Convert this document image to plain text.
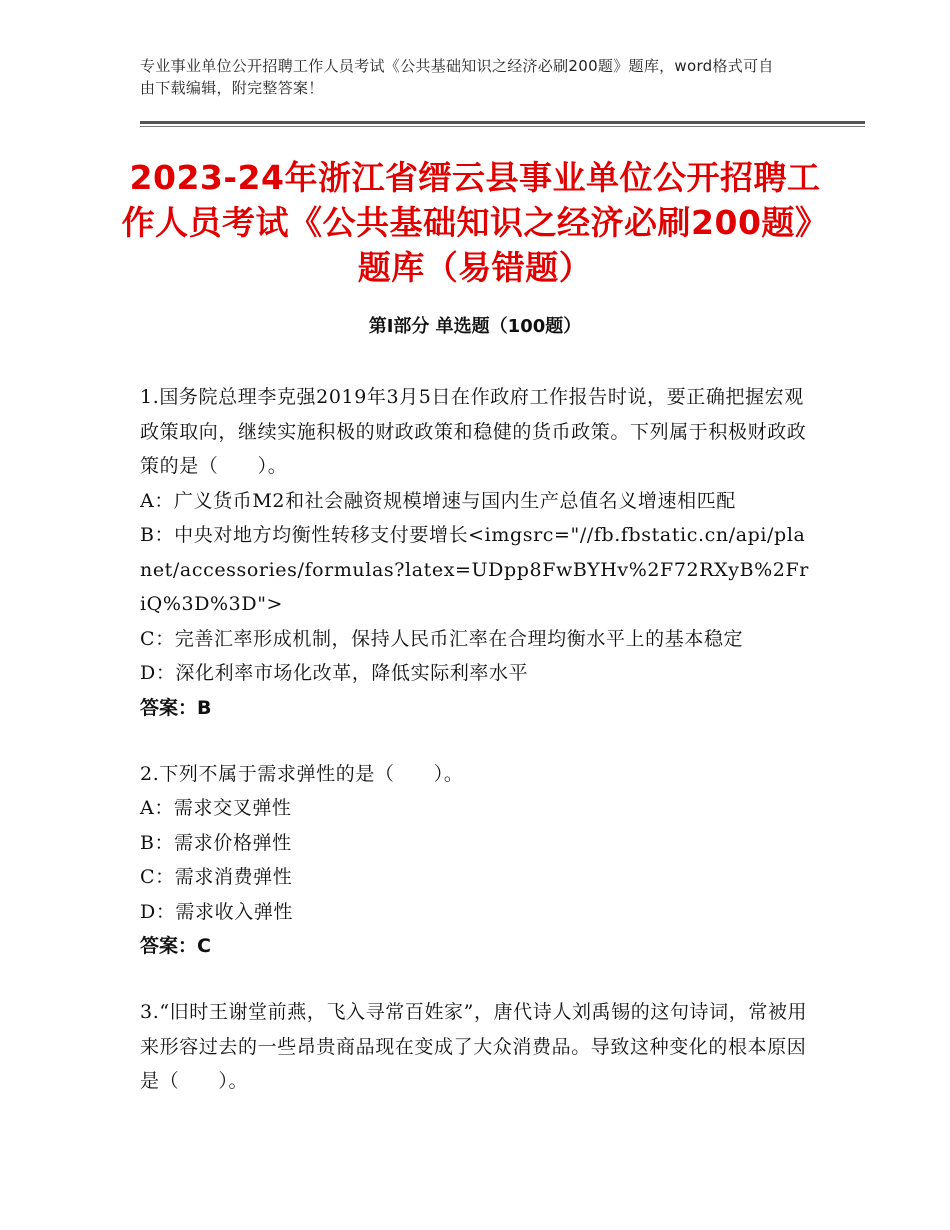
专业事业单位公开招聘工作人员考试《公共基础知识之经济必刷200题》题库，word格式可自由下载编辑，附完整答案！
2023-24年浙江省缙云县事业单位公开招聘工作人员考试《公共基础知识之经济必刷200题》题库（易错题）
第Ⅰ部分 单选题（100题）
1.国务院总理李克强2019年3月5日在作政府工作报告时说，要正确把握宏观政策取向，继续实施积极的财政政策和稳健的货币政策。下列属于积极财政政策的是（　　）。
A：广义货币M2和社会融资规模增速与国内生产总值名义增速相匹配
B：中央对地方均衡性转移支付要增长<imgsrc="//fb.fbstatic.cn/api/planet/accessories/formulas?latex=UDpp8FwBYHv%2F72RXyB%2FriQ%3D%3D">
C：完善汇率形成机制，保持人民币汇率在合理均衡水平上的基本稳定
D：深化利率市场化改革，降低实际利率水平
答案：B
2.下列不属于需求弹性的是（　　）。
A：需求交叉弹性
B：需求价格弹性
C：需求消费弹性
D：需求收入弹性
答案：C
3.“旧时王谢堂前燕，飞入寻常百姓家”，唐代诗人刘禹锡的这句诗词，常被用来形容过去的一些昂贵商品现在变成了大众消费品。导致这种变化的根本原因是（　　）。
